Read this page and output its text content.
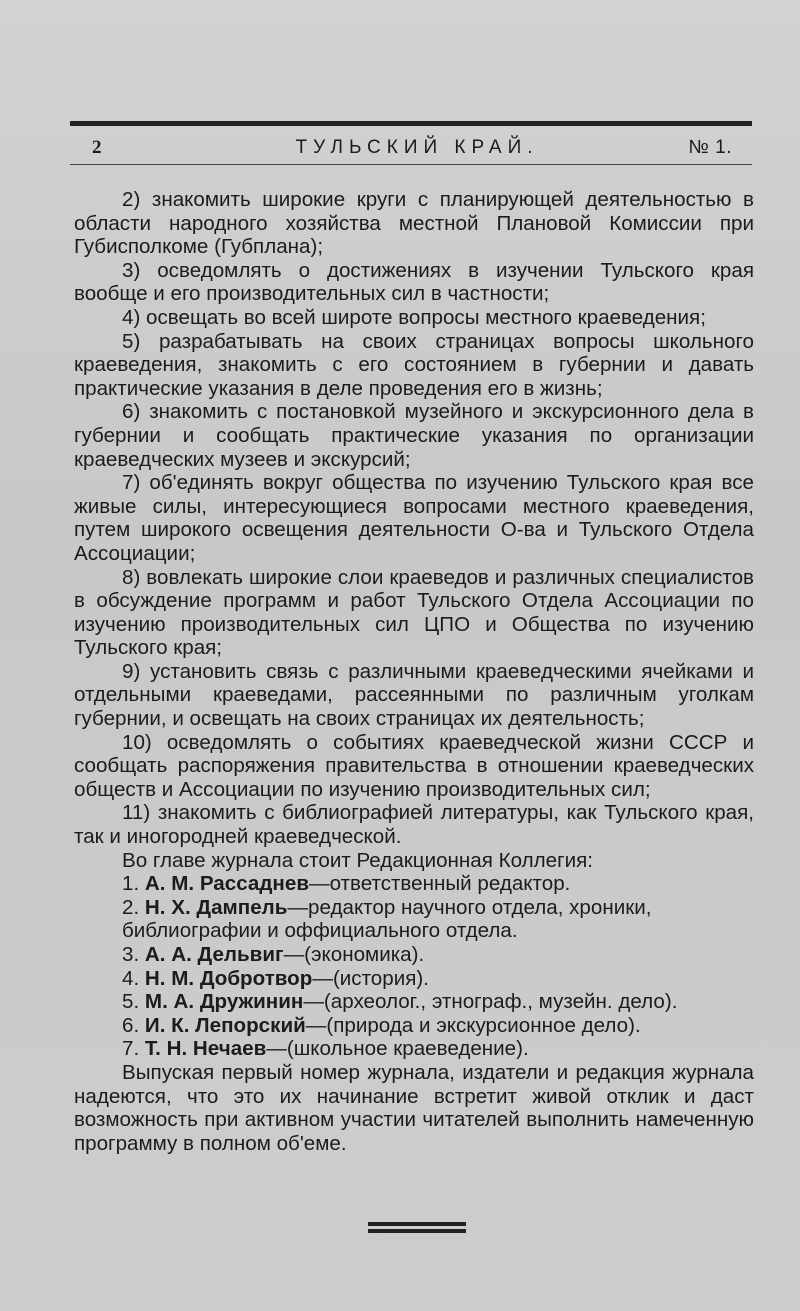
2	ТУЛЬСКИЙ КРАЙ.	№ 1.

2) знакомить широкие круги с планирующей деятельностью в области народного хозяйства местной Плановой Комиссии при Губисполкоме (Губплана);

3) осведомлять о достижениях в изучении Тульского края вообще и его производительных сил в частности;

4) освещать во всей широте вопросы местного краеведения;

5) разрабатывать на своих страницах вопросы школьного краеведения, знакомить с его состоянием в губернии и давать практические указания в деле проведения его в жизнь;

6) знакомить с постановкой музейного и экскурсионного дела в губернии и сообщать практические указания по организации краеведческих музеев и экскурсий;

7) об'единять вокруг общества по изучению Тульского края все живые силы, интересующиеся вопросами местного краеведения, путем широкого освещения деятельности О-ва и Тульского Отдела Ассоциации;

8) вовлекать широкие слои краеведов и различных специалистов в обсуждение программ и работ Тульского Отдела Ассоциации по изучению производительных сил ЦПО и Общества по изучению Тульского края;

9) установить связь с различными краеведческими ячейками и отдельными краеведами, рассеянными по различным уголкам губернии, и освещать на своих страницах их деятельность;

10) осведомлять о событиях краеведческой жизни СССР и сообщать распоряжения правительства в отношении краеведческих обществ и Ассоциации по изучению производительных сил;

11) знакомить с библиографией литературы, как Тульского края, так и иногородней краеведческой.

Во главе журнала стоит Редакционная Коллегия:

1. А. М. Рассаднев—ответственный редактор.

2. Н. Х. Дампель—редактор научного отдела, хроники, библиографии и оффициального отдела.

3. А. А. Дельвиг—(экономика).

4. Н. М. Добротвор—(история).

5. М. А. Дружинин—(археолог., этнограф., музейн. дело).

6. И. К. Лепорский—(природа и экскурсионное дело).

7. Т. Н. Нечаев—(школьное краеведение).

Выпуская первый номер журнала, издатели и редакция журнала надеются, что это их начинание встретит живой отклик и даст возможность при активном участии читателей выполнить намеченную программу в полном об'еме.
